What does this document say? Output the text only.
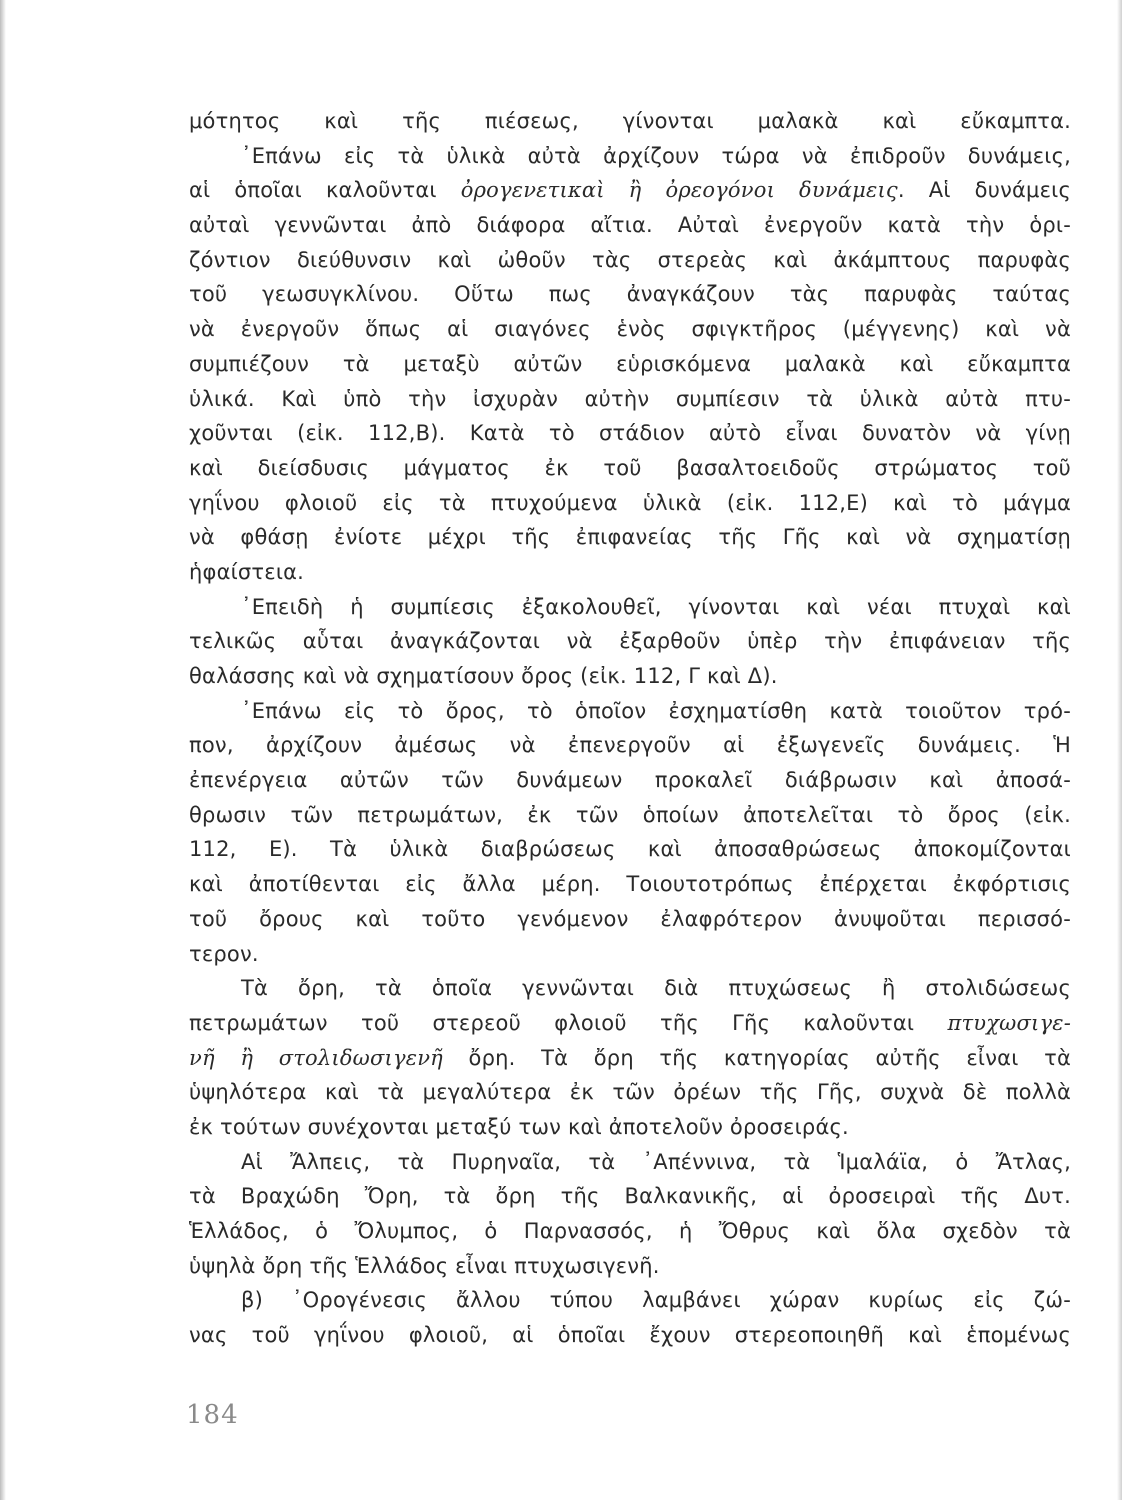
μότητος καὶ τῆς πιέσεως, γίνονται μαλακὰ καὶ εὔκαμπτα.
᾿Επάνω εἰς τὰ ὑλικὰ αὐτὰ ἀρχίζουν τώρα νὰ ἐπιδροῦν δυνάμεις,
αἱ ὁποῖαι καλοῦνται ὀρογενετικαὶ ἢ ὀρεογόνοι δυνάμεις. Αἱ δυνάμεις
αὐταὶ γεννῶνται ἀπὸ διάφορα αἴτια. Αὐταὶ ἐνεργοῦν κατὰ τὴν ὁρι-
ζόντιον διεύθυνσιν καὶ ὠθοῦν τὰς στερεὰς καὶ ἀκάμπτους παρυφὰς
τοῦ γεωσυγκλίνου. Οὕτω πως ἀναγκάζουν τὰς παρυφὰς ταύτας
νὰ ἐνεργοῦν ὅπως αἱ σιαγόνες ἑνὸς σφιγκτῆρος (μέγγενης) καὶ νὰ
συμπιέζουν τὰ μεταξὺ αὐτῶν εὑρισκόμενα μαλακὰ καὶ εὔκαμπτα
ὑλικά. Καὶ ὑπὸ τὴν ἰσχυρὰν αὐτὴν συμπίεσιν τὰ ὑλικὰ αὐτὰ πτυ-
χοῦνται (εἰκ. 112,Β). Κατὰ τὸ στάδιον αὐτὸ εἶναι δυνατὸν νὰ γίνῃ
καὶ διείσδυσις μάγματος ἐκ τοῦ βασαλτοειδοῦς στρώματος τοῦ
γηΐνου φλοιοῦ εἰς τὰ πτυχούμενα ὑλικὰ (εἰκ. 112,Ε) καὶ τὸ μάγμα
νὰ φθάσῃ ἐνίοτε μέχρι τῆς ἐπιφανείας τῆς Γῆς καὶ νὰ σχηματίσῃ
ἡφαίστεια.
᾿Επειδὴ ἡ συμπίεσις ἐξακολουθεῖ, γίνονται καὶ νέαι πτυχαὶ καὶ
τελικῶς αὗται ἀναγκάζονται νὰ ἐξαρθοῦν ὑπὲρ τὴν ἐπιφάνειαν τῆς
θαλάσσης καὶ νὰ σχηματίσουν ὄρος (εἰκ. 112, Γ καὶ Δ).
᾿Επάνω εἰς τὸ ὄρος, τὸ ὁποῖον ἐσχηματίσθη κατὰ τοιοῦτον τρό-
πον, ἀρχίζουν ἀμέσως νὰ ἐπενεργοῦν αἱ ἐξωγενεῖς δυνάμεις. Ἡ
ἐπενέργεια αὐτῶν τῶν δυνάμεων προκαλεῖ διάβρωσιν καὶ ἀποσά-
θρωσιν τῶν πετρωμάτων, ἐκ τῶν ὁποίων ἀποτελεῖται τὸ ὄρος (εἰκ.
112, Ε). Τὰ ὑλικὰ διαβρώσεως καὶ ἀποσαθρώσεως ἀποκομίζονται
καὶ ἀποτίθενται εἰς ἄλλα μέρη. Τοιουτοτρόπως ἐπέρχεται ἐκφόρτισις
τοῦ ὄρους καὶ τοῦτο γενόμενον ἐλαφρότερον ἀνυψοῦται περισσό-
τερον.
Τὰ ὄρη, τὰ ὁποῖα γεννῶνται διὰ πτυχώσεως ἢ στολιδώσεως
πετρωμάτων τοῦ στερεοῦ φλοιοῦ τῆς Γῆς καλοῦνται πτυχωσιγε-
νῆ ἢ στολιδωσιγενῆ ὄρη. Τὰ ὄρη τῆς κατηγορίας αὐτῆς εἶναι τὰ
ὑψηλότερα καὶ τὰ μεγαλύτερα ἐκ τῶν ὀρέων τῆς Γῆς, συχνὰ δὲ πολλὰ
ἐκ τούτων συνέχονται μεταξύ των καὶ ἀποτελοῦν ὀροσειράς.
Αἱ Ἄλπεις, τὰ Πυρηναῖα, τὰ ᾿Απέννινα, τὰ Ἱμαλάϊα, ὁ Ἄτλας,
τὰ Βραχώδη Ὄρη, τὰ ὄρη τῆς Βαλκανικῆς, αἱ ὀροσειραὶ τῆς Δυτ.
Ἑλλάδος, ὁ Ὄλυμπος, ὁ Παρνασσός, ἡ Ὄθρυς καὶ ὅλα σχεδὸν τὰ
ὑψηλὰ ὄρη τῆς Ἑλλάδος εἶναι πτυχωσιγενῆ.
β) ᾿Ορογένεσις ἄλλου τύπου λαμβάνει χώραν κυρίως εἰς ζώ-
νας τοῦ γηΐνου φλοιοῦ, αἱ ὁποῖαι ἔχουν στερεοποιηθῆ καὶ ἑπομένως
184
